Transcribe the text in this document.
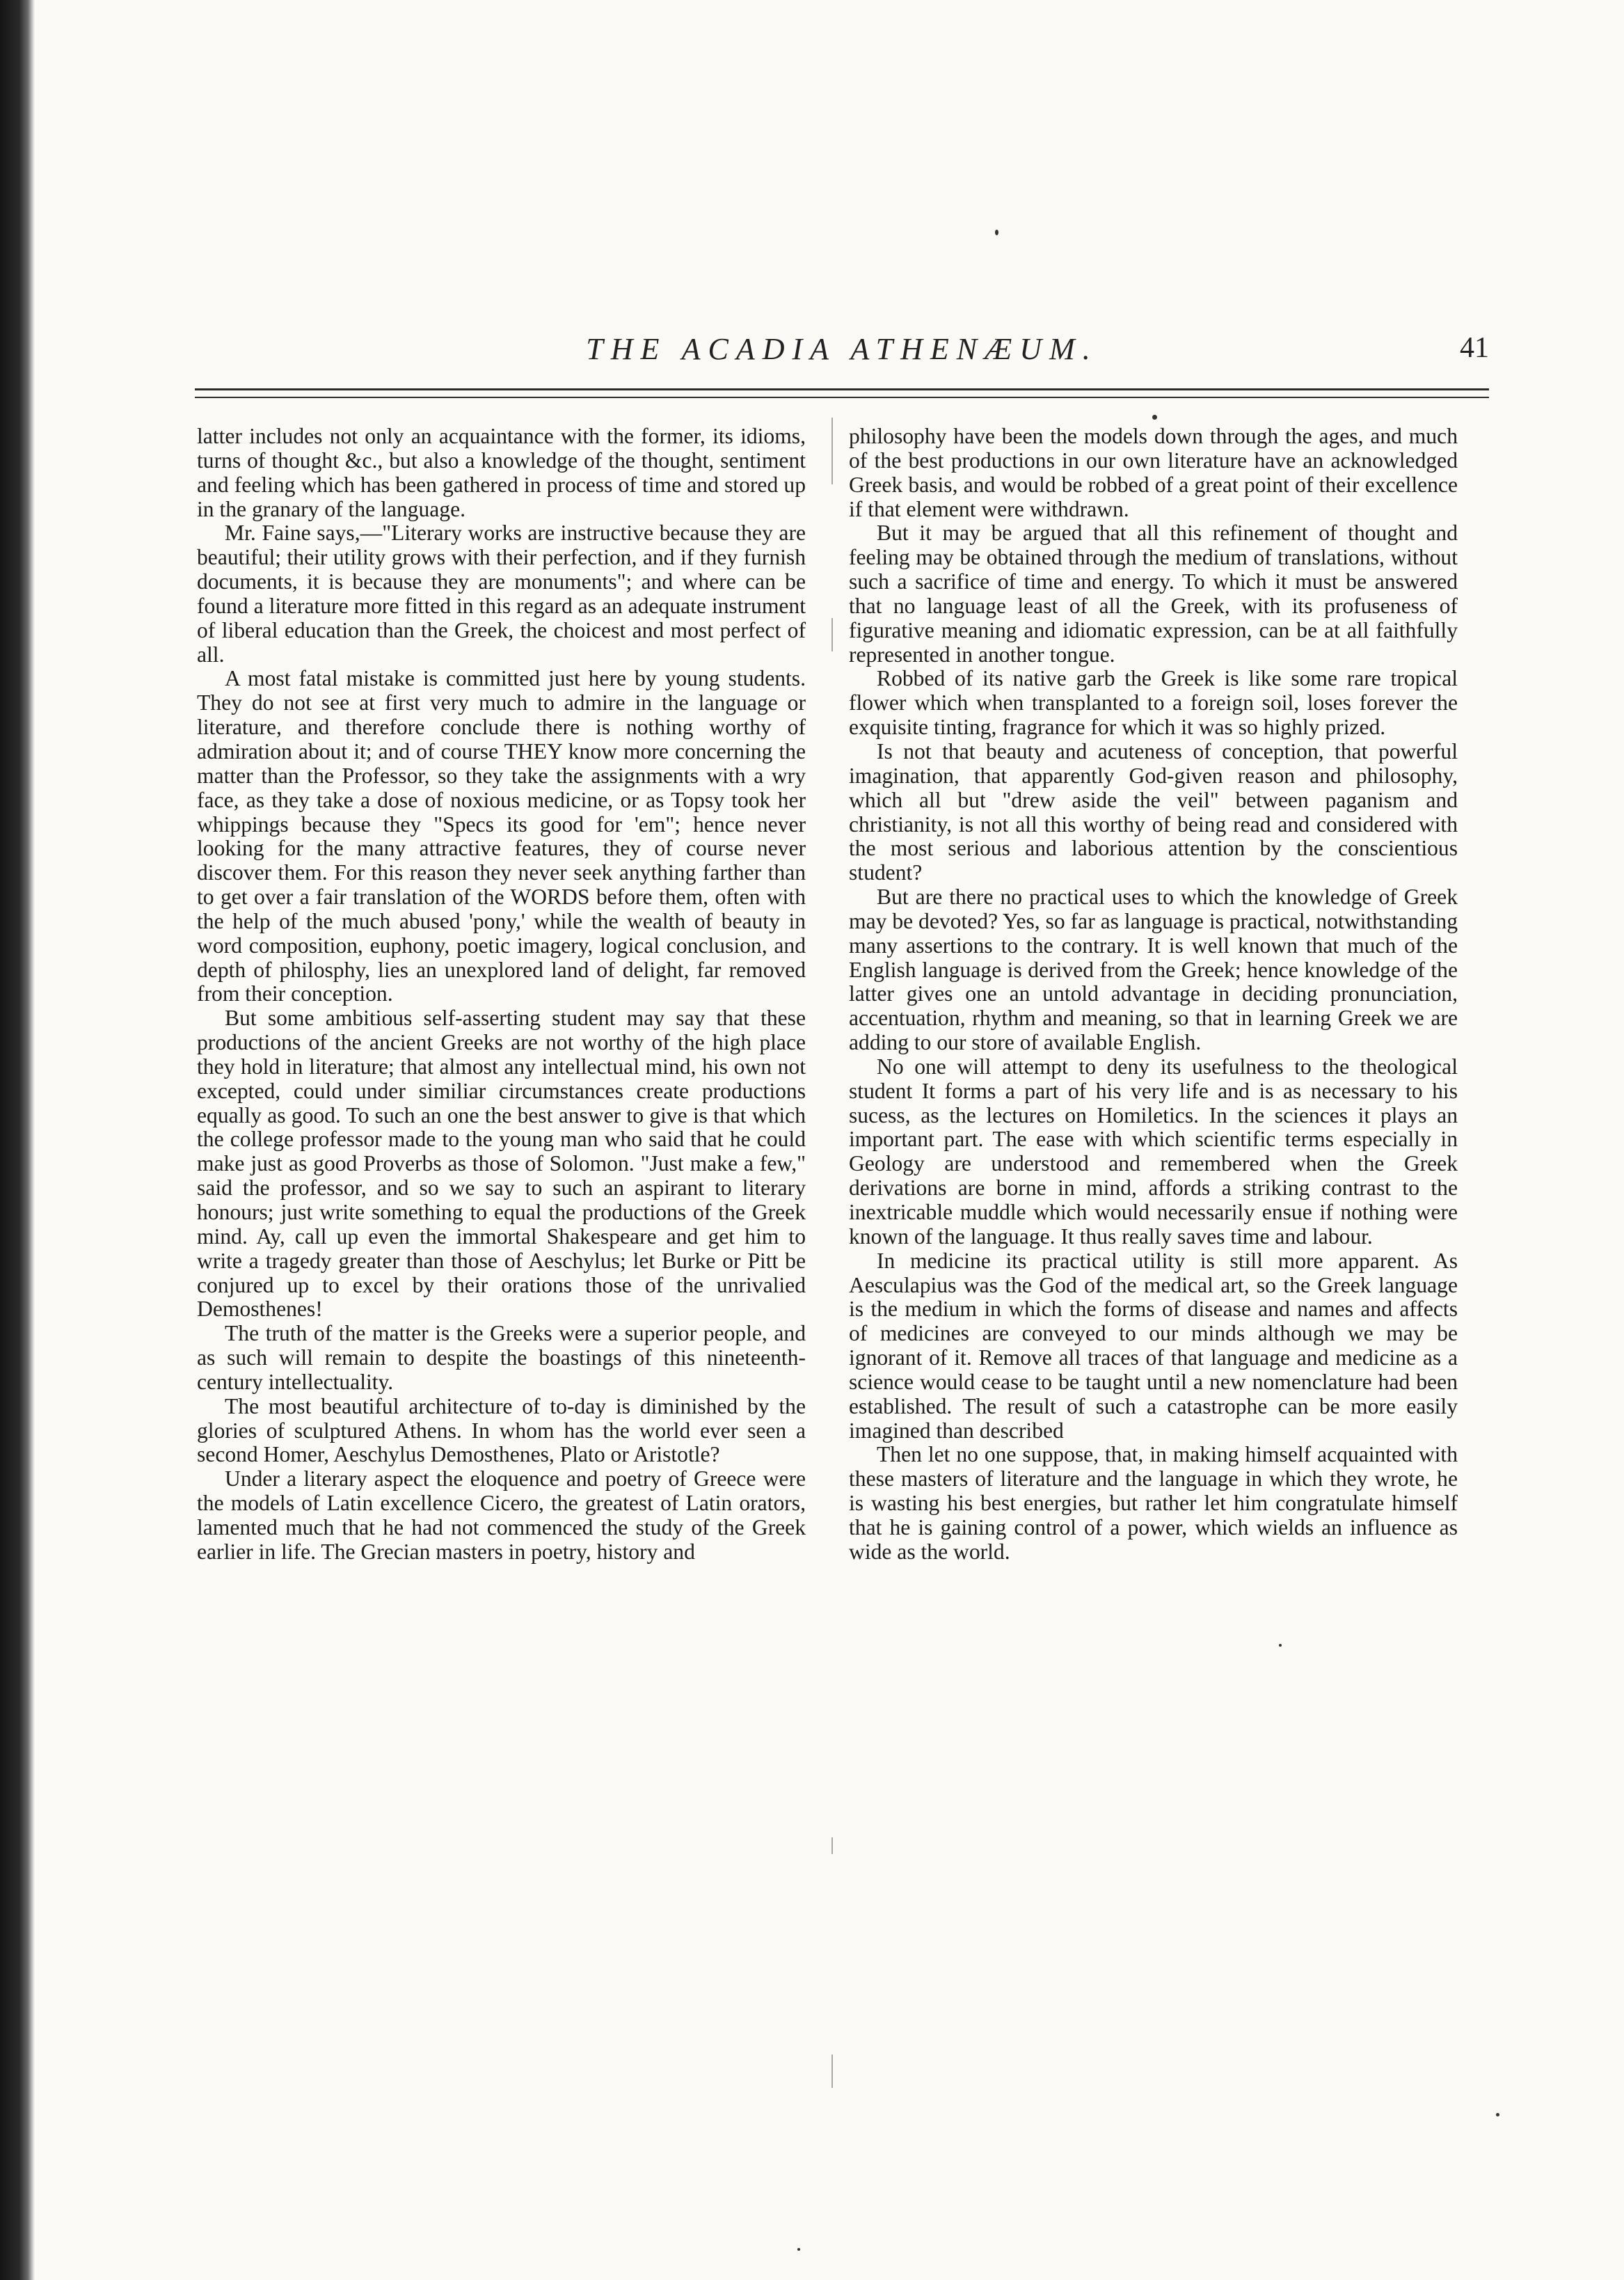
THE ACADIA ATHENÆUM.	41

latter includes not only an acquaintance with the former, its idioms, turns of thought &c., but also a knowledge of the thought, sentiment and feeling which has been gathered in process of time and stored up in the granary of the language.

Mr. Faine says,—"Literary works are instructive because they are beautiful; their utility grows with their perfection, and if they furnish documents, it is because they are monuments"; and where can be found a literature more fitted in this regard as an adequate instrument of liberal education than the Greek, the choicest and most perfect of all.

A most fatal mistake is committed just here by young students. They do not see at first very much to admire in the language or literature, and therefore conclude there is nothing worthy of admiration about it; and of course THEY know more concerning the matter than the Professor, so they take the assignments with a wry face, as they take a dose of noxious medicine, or as Topsy took her whippings because they "Specs its good for 'em"; hence never looking for the many attractive features, they of course never discover them. For this reason they never seek anything farther than to get over a fair translation of the WORDS before them, often with the help of the much abused 'pony,' while the wealth of beauty in word composition, euphony, poetic imagery, logical conclusion, and depth of philosphy, lies an unexplored land of delight, far removed from their conception.

But some ambitious self-asserting student may say that these productions of the ancient Greeks are not worthy of the high place they hold in literature; that almost any intellectual mind, his own not excepted, could under similiar circumstances create productions equally as good. To such an one the best answer to give is that which the college professor made to the young man who said that he could make just as good Proverbs as those of Solomon. "Just make a few," said the professor, and so we say to such an aspirant to literary honours; just write something to equal the productions of the Greek mind. Ay, call up even the immortal Shakespeare and get him to write a tragedy greater than those of Aeschylus; let Burke or Pitt be conjured up to excel by their orations those of the unrivalied Demosthenes!

The truth of the matter is the Greeks were a superior people, and as such will remain to despite the boastings of this nineteenth-century intellectuality.

The most beautiful architecture of to-day is diminished by the glories of sculptured Athens. In whom has the world ever seen a second Homer, Aeschylus Demosthenes, Plato or Aristotle?

Under a literary aspect the eloquence and poetry of Greece were the models of Latin excellence Cicero, the greatest of Latin orators, lamented much that he had not commenced the study of the Greek earlier in life. The Grecian masters in poetry, history and

philosophy have been the models down through the ages, and much of the best productions in our own literature have an acknowledged Greek basis, and would be robbed of a great point of their excellence if that element were withdrawn.

But it may be argued that all this refinement of thought and feeling may be obtained through the medium of translations, without such a sacrifice of time and energy. To which it must be answered that no language least of all the Greek, with its profuseness of figurative meaning and idiomatic expression, can be at all faithfully represented in another tongue.

Robbed of its native garb the Greek is like some rare tropical flower which when transplanted to a foreign soil, loses forever the exquisite tinting, fragrance for which it was so highly prized.

Is not that beauty and acuteness of conception, that powerful imagination, that apparently God-given reason and philosophy, which all but "drew aside the veil" between paganism and christianity, is not all this worthy of being read and considered with the most serious and laborious attention by the conscientious student?

But are there no practical uses to which the knowledge of Greek may be devoted? Yes, so far as language is practical, notwithstanding many assertions to the contrary. It is well known that much of the English language is derived from the Greek; hence knowledge of the latter gives one an untold advantage in deciding pronunciation, accentuation, rhythm and meaning, so that in learning Greek we are adding to our store of available English.

No one will attempt to deny its usefulness to the theological student It forms a part of his very life and is as necessary to his sucess, as the lectures on Homiletics. In the sciences it plays an important part. The ease with which scientific terms especially in Geology are understood and remembered when the Greek derivations are borne in mind, affords a striking contrast to the inextricable muddle which would necessarily ensue if nothing were known of the language. It thus really saves time and labour.

In medicine its practical utility is still more apparent. As Aesculapius was the God of the medical art, so the Greek language is the medium in which the forms of disease and names and affects of medicines are conveyed to our minds although we may be ignorant of it. Remove all traces of that language and medicine as a science would cease to be taught until a new nomenclature had been established. The result of such a catastrophe can be more easily imagined than described

Then let no one suppose, that, in making himself acquainted with these masters of literature and the language in which they wrote, he is wasting his best energies, but rather let him congratulate himself that he is gaining control of a power, which wields an influence as wide as the world.
